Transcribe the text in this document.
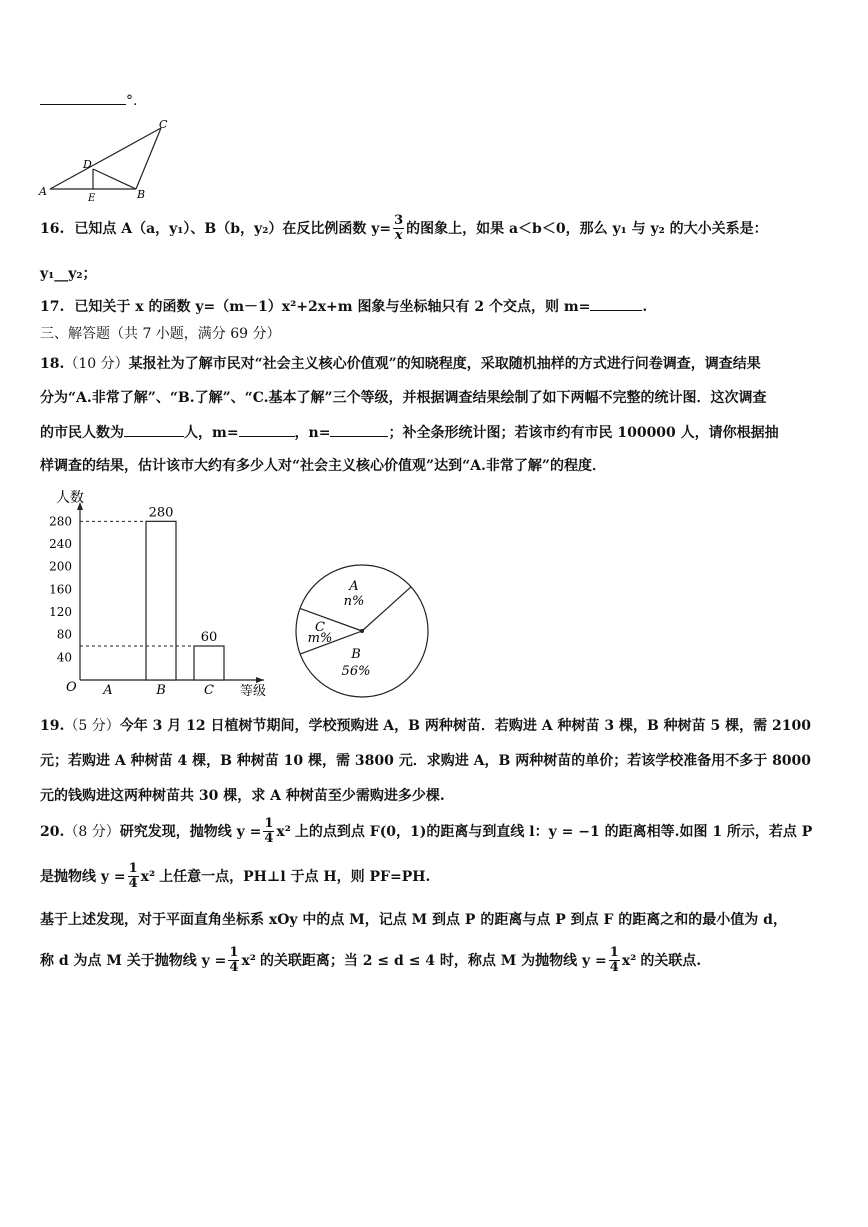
°.
A	B
C
D
E
16. 已知点 A（a，y₁）、B（b，y₂）在反比例函数 $y= \frac{3}{x}$ 的图象上，如果 a＜b＜0，那么 y₁ 与 y₂ 的大小关系是：
y₁__y₂；
17. 已知关于 x 的函数 y=（m－1）x²+2x+m 图象与坐标轴只有 2 个交点，则 m=	.
三、解答题（共 7 小题，满分 69 分）
18.（10 分）某报社为了解市民对“社会主义核心价值观”的知晓程度，采取随机抽样的方式进行问卷调查，调查结果
分为“A.非常了解”、“B.了解”、“C.基本了解”三个等级，并根据调查结果绘制了如下两幅不完整的统计图．这次调查
的市民人数为	人，m=	，n=	；补全条形统计图；若该市约有市民 100000 人，请你根据抽
样调查的结果，估计该市大约有多少人对“社会主义核心价值观”达到“A.非常了解”的程度．
人数
等级
O
40
80
120
160
200
240
280
A	B
280
C
60
A
n%
C
m%
B
56%
19.（5 分）今年 3 月 12 日植树节期间，学校预购进 A，B 两种树苗．若购进 A 种树苗 3 棵，B 种树苗 5 棵，需 2100
元；若购进 A 种树苗 4 棵，B 种树苗 10 棵，需 3800 元．求购进 A，B 两种树苗的单价；若该学校准备用不多于 8000
元的钱购进这两种树苗共 30 棵，求 A 种树苗至少需购进多少棵.
20. （8 分） 研究发现，抛物线 $y = \frac{1}{4} x^2$ 上的点到点 F(0，1)的距离与到直线 l：y = −1 的距离相等.如图 1 所示，若点 P
是抛物线 $y = \frac{1}{4} x^2$ 上任意一点，PH⊥l 于点 H，则 PF=PH.
基于上述发现，对于平面直角坐标系 xOy 中的点 M，记点 M 到点 P 的距离与点 P 到点 F 的距离之和的最小值为 d，
称 d 为点 M 关于抛物线 $y = \frac{1}{4} x^2$ 的关联距离；当 2 ≤ d ≤ 4 时，称点 M 为抛物线 $y = \frac{1}{4} x^2$ 的关联点.
